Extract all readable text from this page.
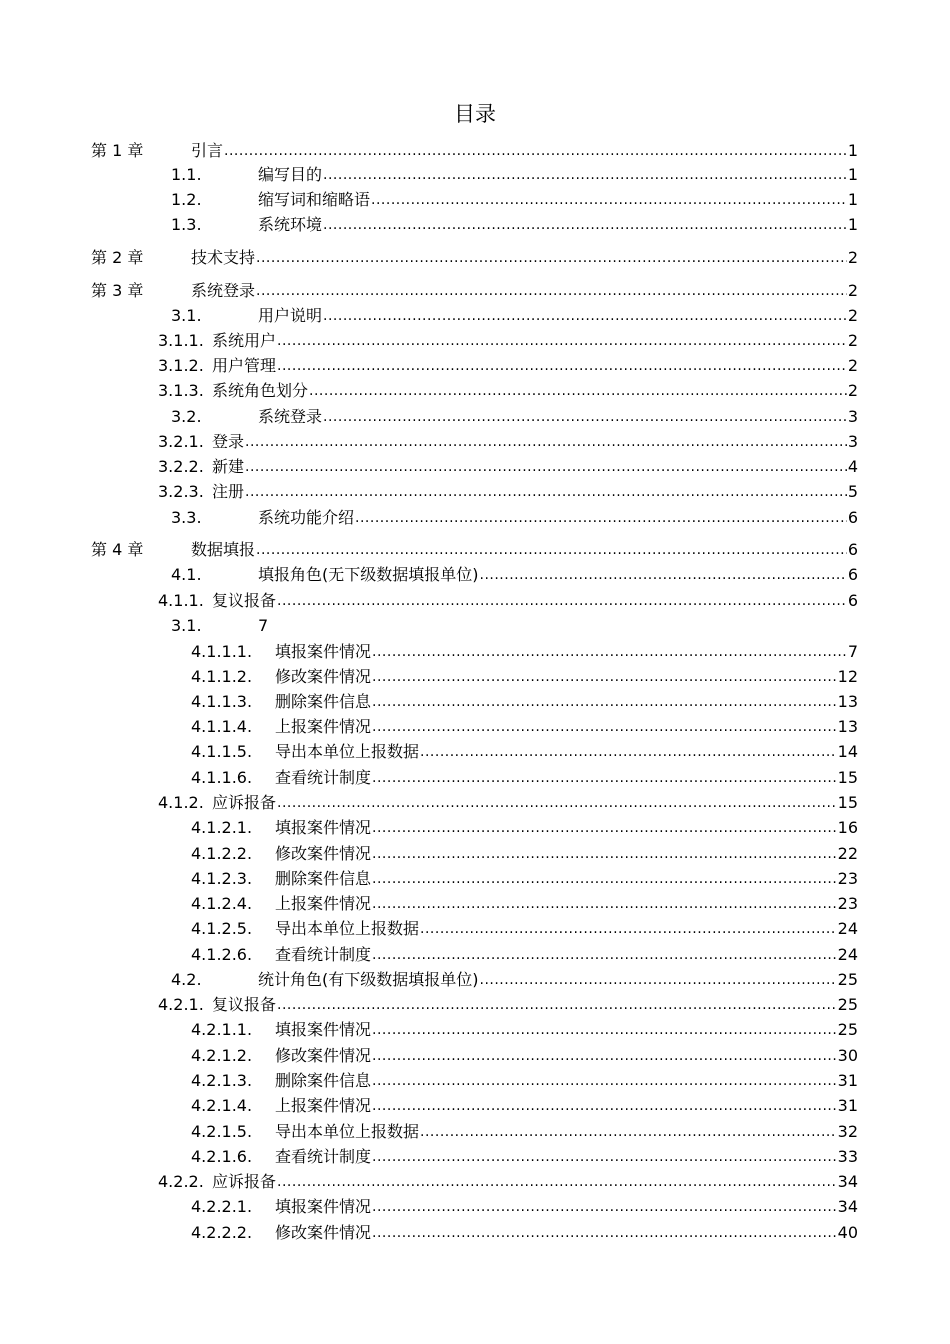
目录
第 1 章	引言 .....	1
1.1.	编写目的 .....	1
1.2.	缩写词和缩略语 .....	1
1.3.	系统环境 .....	1
第 2 章	技术支持 .....	2
第 3 章	系统登录 .....	2
3.1.	用户说明 .....	2
3.1.1. 系统用户 .....	2
3.1.2. 用户管理 .....	2
3.1.3. 系统角色划分 .....	2
3.2.	系统登录 .....	3
3.2.1. 登录 .....	3
3.2.2. 新建 .....	4
3.2.3. 注册 .....	5
3.3.	系统功能介绍 .....	6
第 4 章	数据填报 .....	6
4.1.	填报角色(无下级数据填报单位) .....	6
4.1.1. 复议报备 .....	6
3.1.	7
4.1.1.1.	填报案件情况 .....	7
4.1.1.2.	修改案件情况 .....	12
4.1.1.3.	删除案件信息 .....	13
4.1.1.4.	上报案件情况 .....	13
4.1.1.5.	导出本单位上报数据 .....	14
4.1.1.6.	查看统计制度 .....	15
4.1.2. 应诉报备 .....	15
4.1.2.1.	填报案件情况 .....	16
4.1.2.2.	修改案件情况 .....	22
4.1.2.3.	删除案件信息 .....	23
4.1.2.4.	上报案件情况 .....	23
4.1.2.5.	导出本单位上报数据 .....	24
4.1.2.6.	查看统计制度 .....	24
4.2.	统计角色(有下级数据填报单位) .....	25
4.2.1. 复议报备 .....	25
4.2.1.1.	填报案件情况 .....	25
4.2.1.2.	修改案件情况 .....	30
4.2.1.3.	删除案件信息 .....	31
4.2.1.4.	上报案件情况 .....	31
4.2.1.5.	导出本单位上报数据 .....	32
4.2.1.6.	查看统计制度 .....	33
4.2.2. 应诉报备 .....	34
4.2.2.1.	填报案件情况 .....	34
4.2.2.2.	修改案件情况 .....	40
